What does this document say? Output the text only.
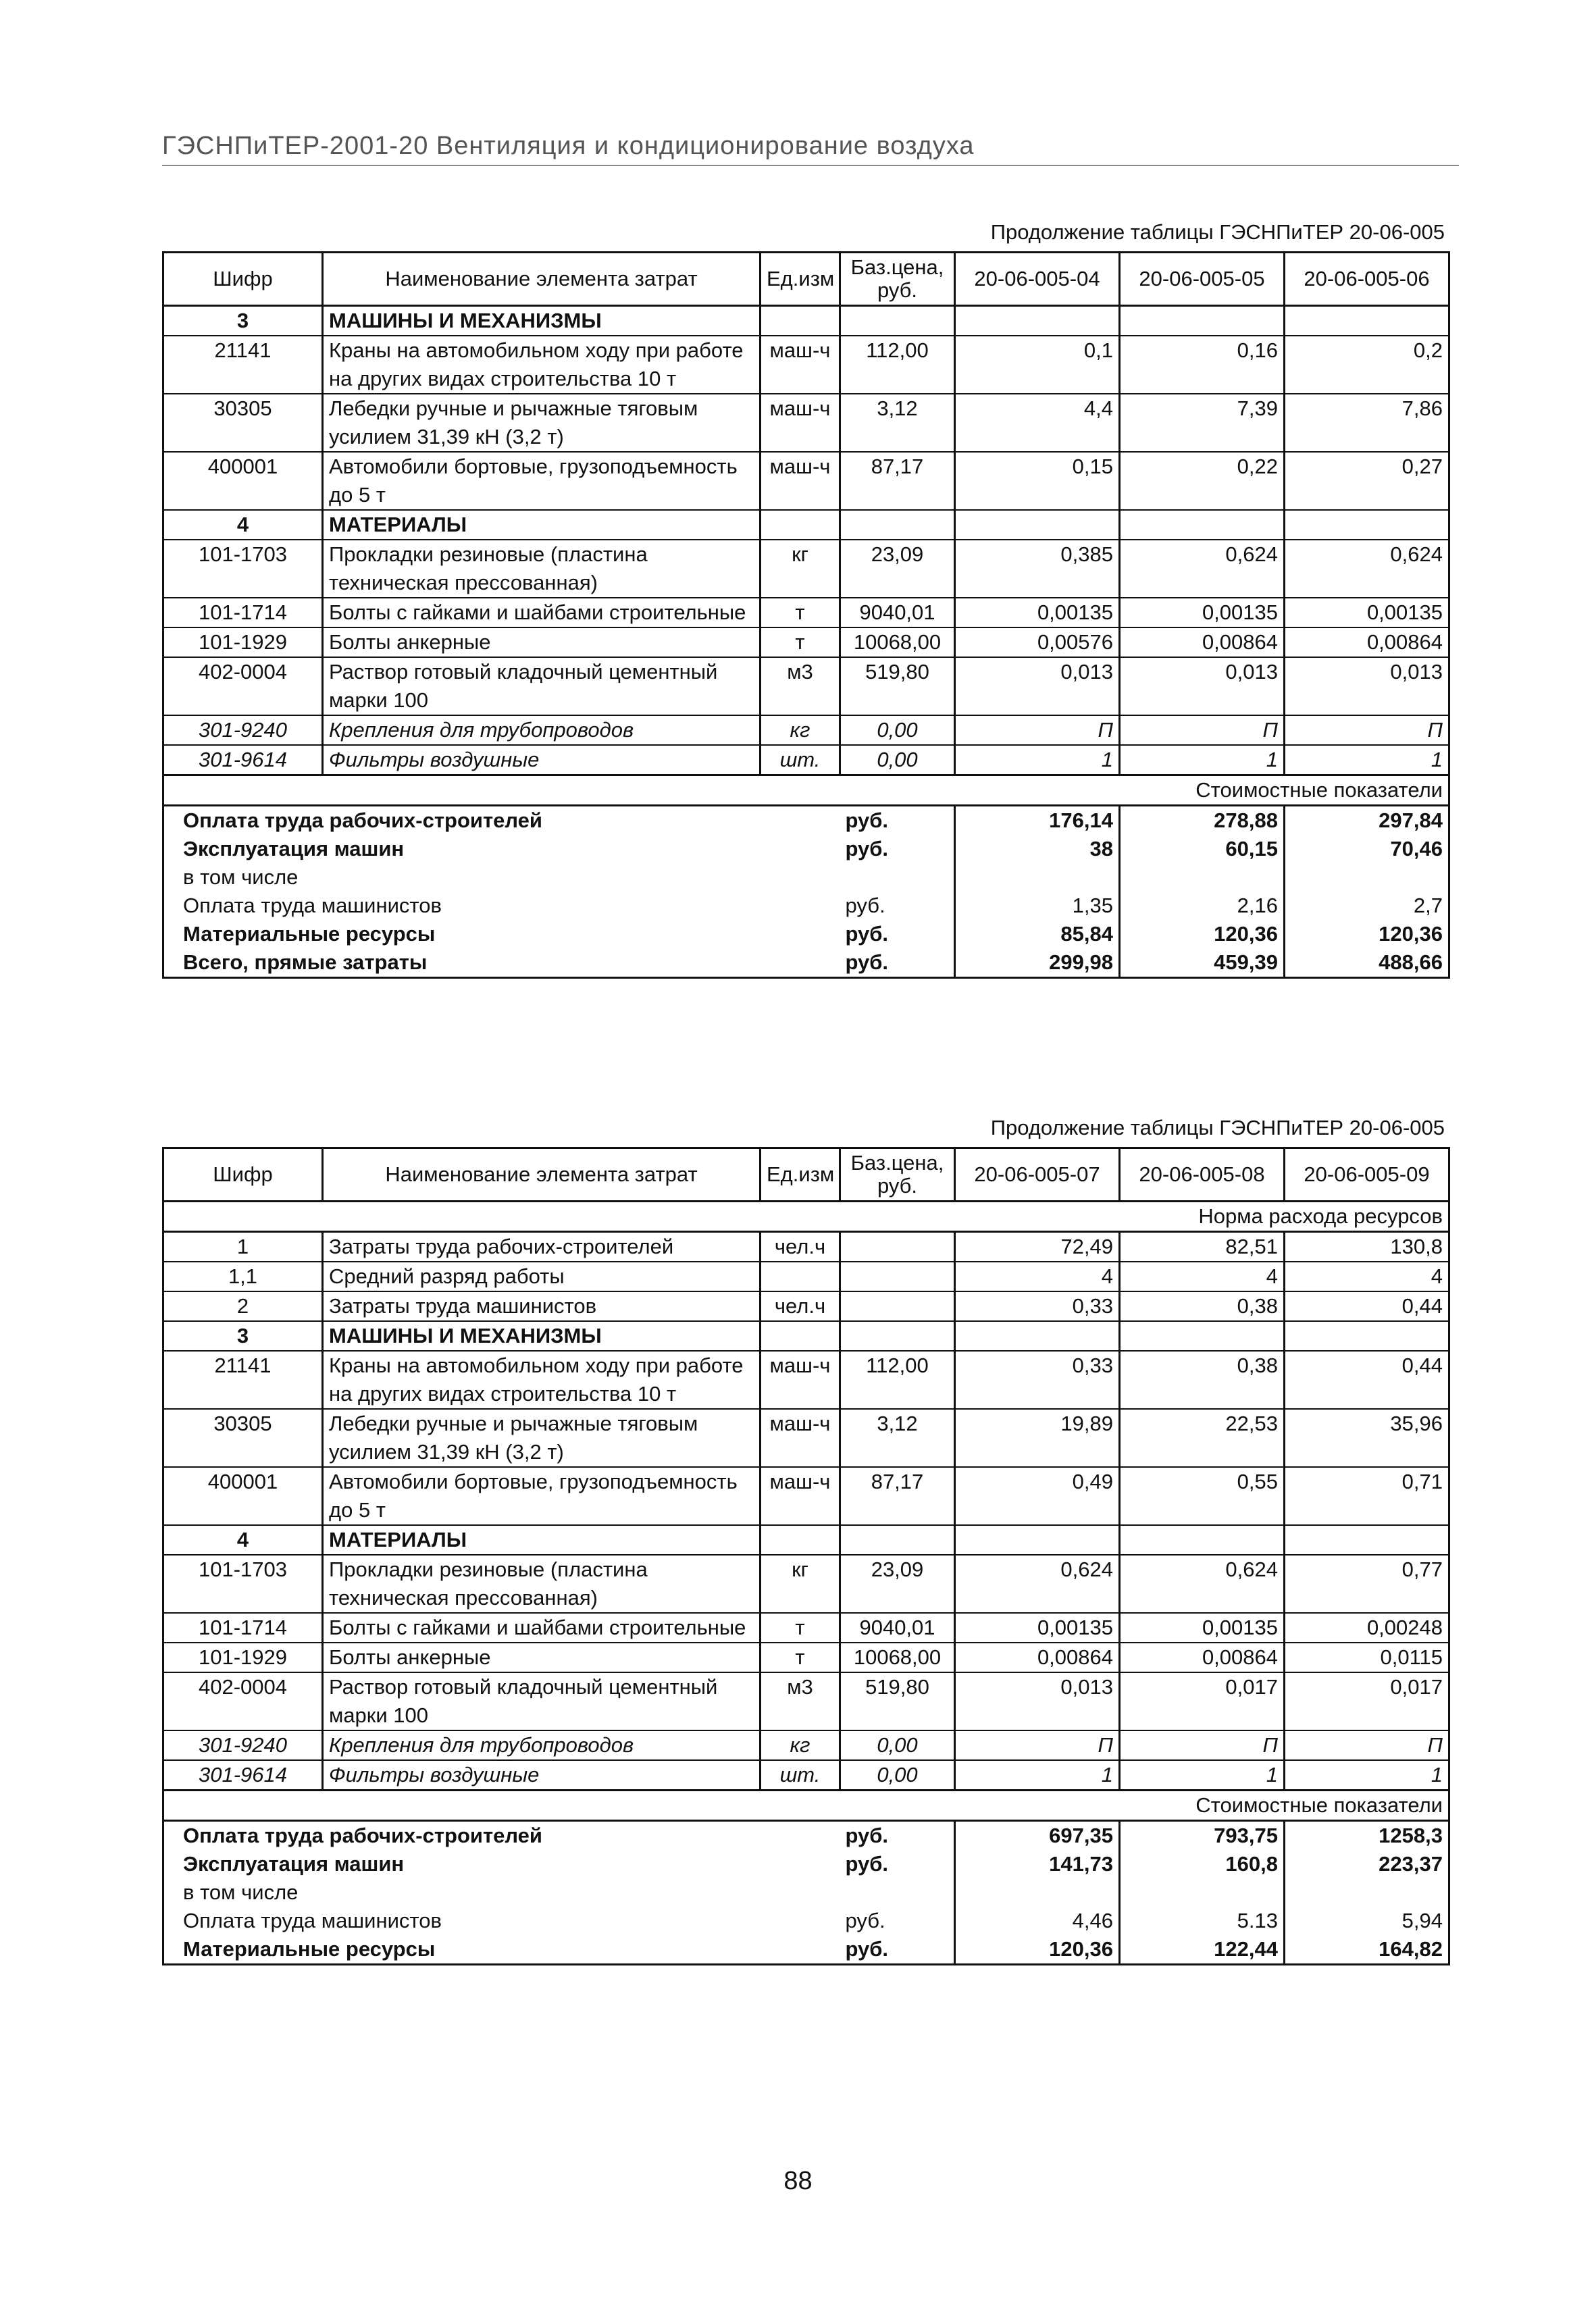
ГЭСНПиТЕР-2001-20 Вентиляция и кондиционирование воздуха
Продолжение таблицы ГЭСНПиТЕР 20-06-005
Шифр	Наименование элемента затрат	Ед.изм	Баз.цена, руб.	20-06-005-04	20-06-005-05	20-06-005-06
3	МАШИНЫ И МЕХАНИЗМЫ					
21141	Краны на автомобильном ходу при работе на других видах строительства 10 т	маш-ч	112,00	0,1	0,16	0,2
30305	Лебедки ручные и рычажные тяговым усилием 31,39 кН (3,2 т)	маш-ч	3,12	4,4	7,39	7,86
400001	Автомобили бортовые, грузоподъемность до 5 т	маш-ч	87,17	0,15	0,22	0,27
4	МАТЕРИАЛЫ					
101-1703	Прокладки резиновые (пластина техническая прессованная)	кг	23,09	0,385	0,624	0,624
101-1714	Болты с гайками и шайбами строительные	т	9040,01	0,00135	0,00135	0,00135
101-1929	Болты анкерные	т	10068,00	0,00576	0,00864	0,00864
402-0004	Раствор готовый кладочный цементный марки 100	м3	519,80	0,013	0,013	0,013
301-9240	Крепления для трубопроводов	кг	0,00	П	П	П
301-9614	Фильтры воздушные	шт.	0,00	1	1	1
					Стоимостные показатели	
Оплата труда рабочих-строителей			руб.	176,14	278,88	297,84
Эксплуатация машин			руб.	38	60,15	70,46
в том числе						
Оплата труда машинистов			руб.	1,35	2,16	2,7
Материальные ресурсы			руб.	85,84	120,36	120,36
Всего, прямые затраты			руб.	299,98	459,39	488,66
Продолжение таблицы ГЭСНПиТЕР 20-06-005
Шифр	Наименование элемента затрат	Ед.изм	Баз.цена, руб.	20-06-005-07	20-06-005-08	20-06-005-09
Норма расхода ресурсов						
1	Затраты труда рабочих-строителей	чел.ч		72,49	82,51	130,8
1,1	Средний разряд работы			4	4	4
2	Затраты труда машинистов	чел.ч		0,33	0,38	0,44
3	МАШИНЫ И МЕХАНИЗМЫ					
21141	Краны на автомобильном ходу при работе на других видах строительства 10 т	маш-ч	112,00	0,33	0,38	0,44
30305	Лебедки ручные и рычажные тяговым усилием 31,39 кН (3,2 т)	маш-ч	3,12	19,89	22,53	35,96
400001	Автомобили бортовые, грузоподъемность до 5 т	маш-ч	87,17	0,49	0,55	0,71
4	МАТЕРИАЛЫ					
101-1703	Прокладки резиновые (пластина техническая прессованная)	кг	23,09	0,624	0,624	0,77
101-1714	Болты с гайками и шайбами строительные	т	9040,01	0,00135	0,00135	0,00248
101-1929	Болты анкерные	т	10068,00	0,00864	0,00864	0,0115
402-0004	Раствор готовый кладочный цементный марки 100	м3	519,80	0,013	0,017	0,017
301-9240	Крепления для трубопроводов	кг	0,00	П	П	П
301-9614	Фильтры воздушные	шт.	0,00	1	1	1
					Стоимостные показатели	
Оплата труда рабочих-строителей			руб.	697,35	793,75	1258,3
Эксплуатация машин			руб.	141,73	160,8	223,37
в том числе						
Оплата труда машинистов			руб.	4,46	5.13	5,94
Материальные ресурсы			руб.	120,36	122,44	164,82
88
